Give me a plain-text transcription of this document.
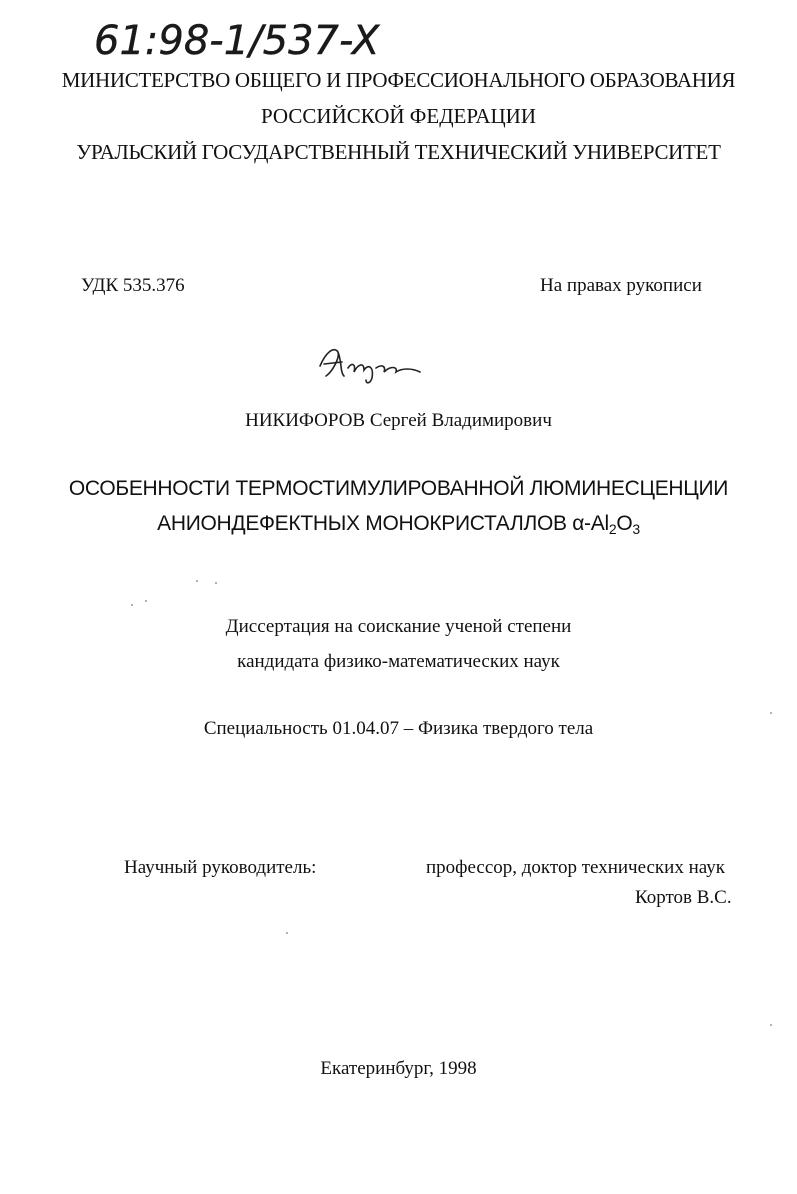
61:98-1/537-X
МИНИСТЕРСТВО ОБЩЕГО И ПРОФЕССИОНАЛЬНОГО ОБРАЗОВАНИЯ
РОССИЙСКОЙ ФЕДЕРАЦИИ
УРАЛЬСКИЙ ГОСУДАРСТВЕННЫЙ ТЕХНИЧЕСКИЙ УНИВЕРСИТЕТ
УДК 535.376	На правах рукописи
НИКИФОРОВ Сергей Владимирович
ОСОБЕННОСТИ ТЕРМОСТИМУЛИРОВАННОЙ ЛЮМИНЕСЦЕНЦИИ
АНИОНДЕФЕКТНЫХ МОНОКРИСТАЛЛОВ $\alpha-Al_2O_3$
Диссертация на соискание ученой степени
кандидата физико-математических наук
Специальность 01.04.07 – Физика твердого тела
Научный руководитель:	профессор, доктор технических наук
Кортов В.С.
Екатеринбург, 1998
